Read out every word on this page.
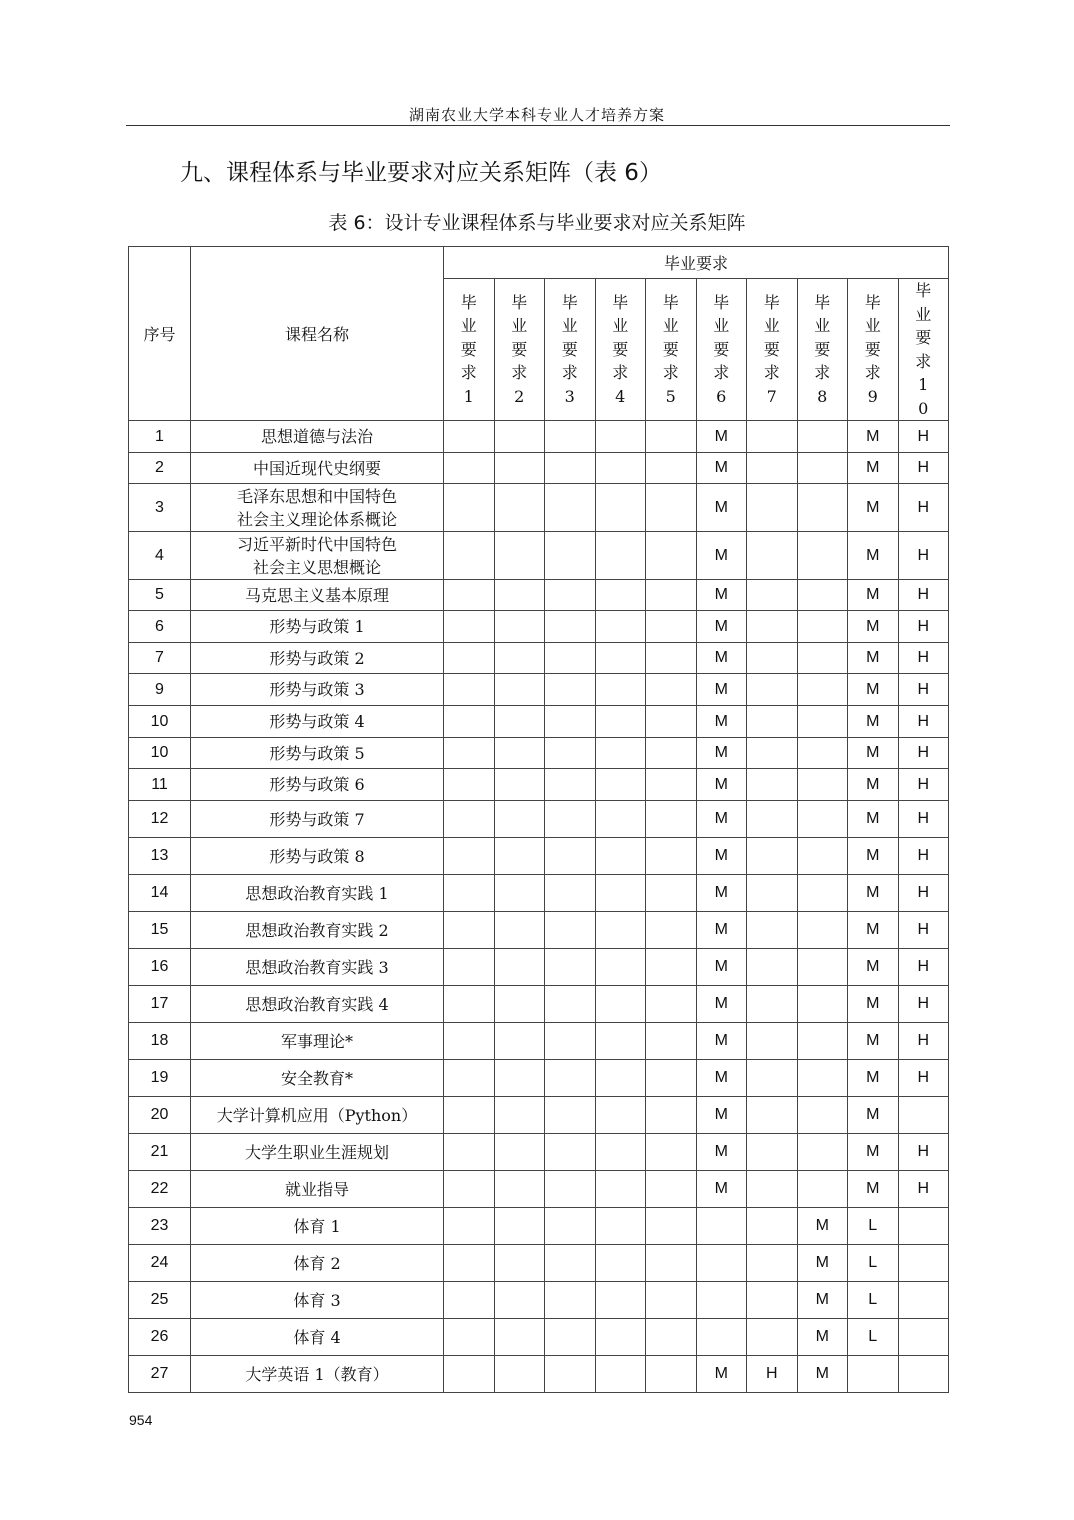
湖南农业大学本科专业人才培养方案
九、课程体系与毕业要求对应关系矩阵（表 6）
表 6：设计专业课程体系与毕业要求对应关系矩阵
序号	课程名称	毕业要求									
		毕业要求1	毕业要求2	毕业要求3	毕业要求4	毕业要求5	毕业要求6	毕业要求7	毕业要求8	毕业要求9	毕业要求10
1	思想道德与法治						M			M	H
2	中国近现代史纲要						M			M	H
3	毛泽东思想和中国特色
社会主义理论体系概论						M			M	H
4	习近平新时代中国特色
社会主义思想概论						M			M	H
5	马克思主义基本原理						M			M	H
6	形势与政策 1						M			M	H
7	形势与政策 2						M			M	H
9	形势与政策 3						M			M	H
10	形势与政策 4						M			M	H
10	形势与政策 5						M			M	H
11	形势与政策 6						M			M	H
12	形势与政策 7						M			M	H
13	形势与政策 8						M			M	H
14	思想政治教育实践 1						M			M	H
15	思想政治教育实践 2						M			M	H
16	思想政治教育实践 3						M			M	H
17	思想政治教育实践 4						M			M	H
18	军事理论*						M			M	H
19	安全教育*						M			M	H
20	大学计算机应用（Python）						M			M	
21	大学生职业生涯规划						M			M	H
22	就业指导						M			M	H
23	体育 1								M	L	
24	体育 2								M	L	
25	体育 3								M	L	
26	体育 4								M	L	
27	大学英语 1（教育）						M	H	M		
954
